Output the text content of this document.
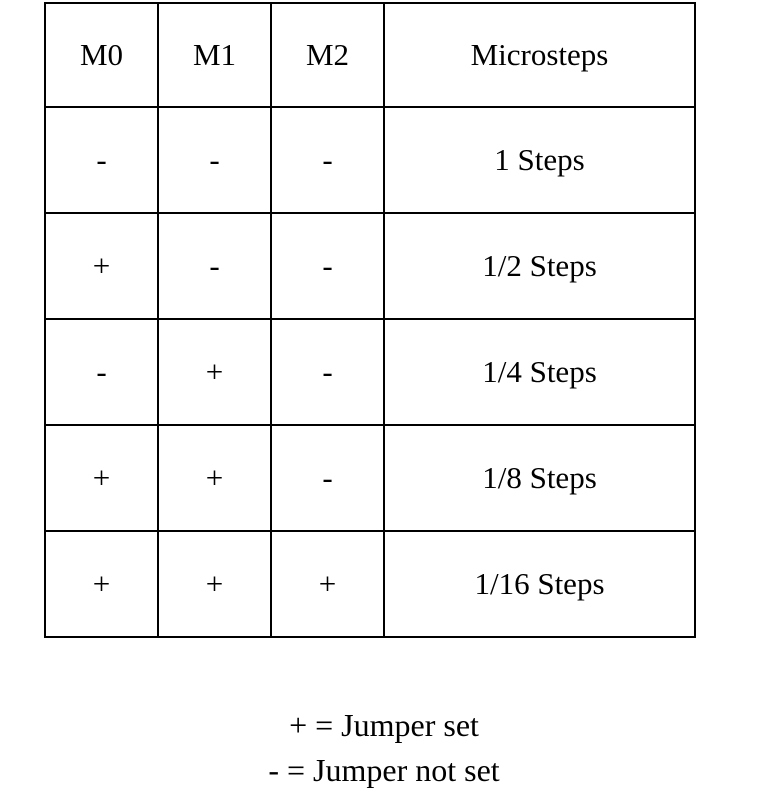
M0	M1	M2	Microsteps
-	-	-	1 Steps
+	-	-	1/2 Steps
-	+	-	1/4 Steps
+	+	-	1/8 Steps
+	+	+	1/16 Steps
+ = Jumper set
- = Jumper not set
